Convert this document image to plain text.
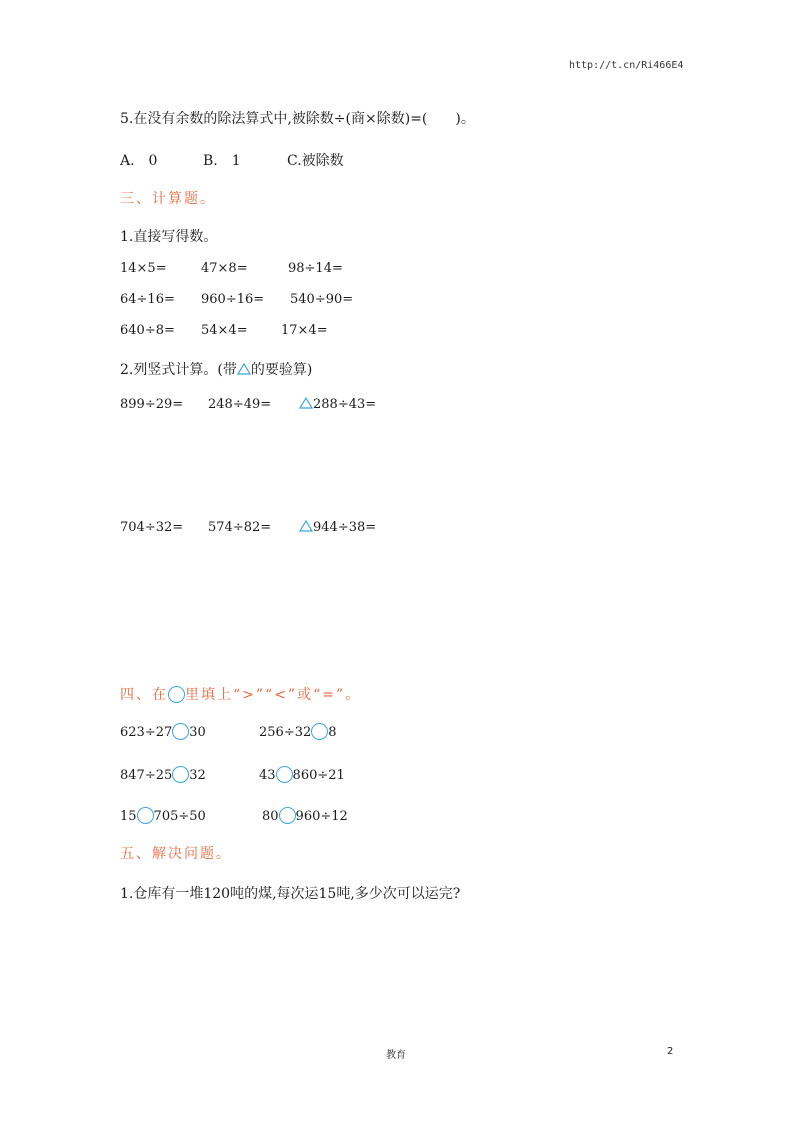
http://t.cn/Ri466E4
5.在没有余数的除法算式中,被除数÷(商×除数)=(　　)。
A.　0	B.　1	C.被除数
三、计算题。
1.直接写得数。
14×5=	47×8=	98÷14=
64÷16= 960÷16= 540÷90=
640÷8= 54×4=	17×4=
2.列竖式计算。(带 的要验算)
899÷29= 248÷49=	288÷43=
704÷32= 574÷82=	944÷38=
四、在 里填上“>”“<”或“=”。
623÷27 30	256÷32 8
847÷25 32	43 860÷21
15 705÷50	80 960÷12
五、解决问题。
1.仓库有一堆120吨的煤,每次运15吨,多少次可以运完?
教育	2
